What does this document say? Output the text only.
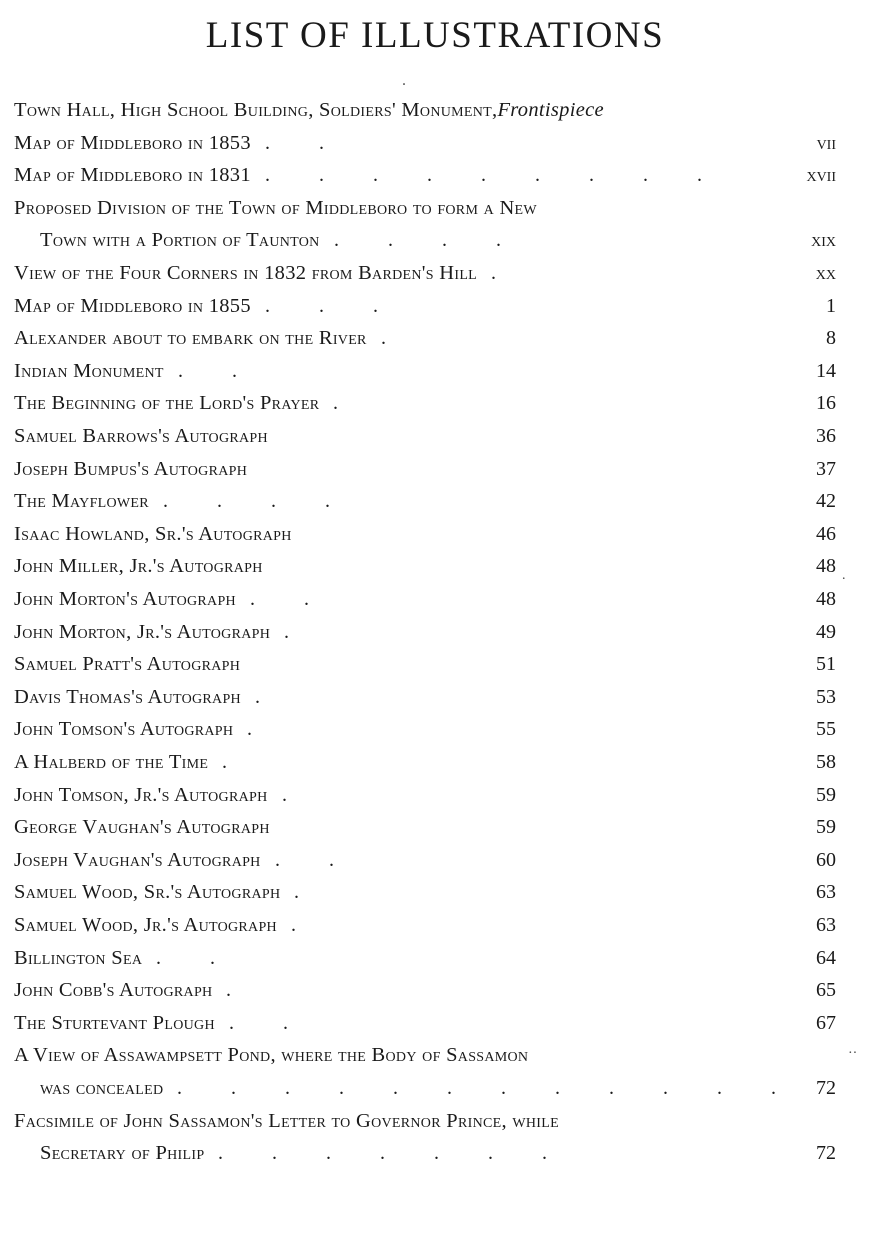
LIST OF ILLUSTRATIONS
.
Town Hall, High School Building, Soldiers' Monument,Frontispiece
Map of Middleboro in 1853 . .	vii
Map of Middleboro in 1831 . . . . . . . . .	xvii
Proposed Division of the Town of Middleboro to form a New
Town with a Portion of Taunton . . . .	xix
View of the Four Corners in 1832 from Barden's Hill .	xx
Map of Middleboro in 1855 . . .	1
Alexander about to embark on the River .	8
Indian Monument . .	14
The Beginning of the Lord's Prayer .	16
Samuel Barrows's Autograph	36
Joseph Bumpus's Autograph	37
The Mayflower . . . .	42
Isaac Howland, Sr.'s Autograph	46
John Miller, Jr.'s Autograph	48
John Morton's Autograph . .	48
John Morton, Jr.'s Autograph .	49
Samuel Pratt's Autograph	51
Davis Thomas's Autograph .	53
John Tomson's Autograph .	55
A Halberd of the Time .	58
John Tomson, Jr.'s Autograph .	59
George Vaughan's Autograph	59
Joseph Vaughan's Autograph . .	60
Samuel Wood, Sr.'s Autograph .	63
Samuel Wood, Jr.'s Autograph .	63
Billington Sea . .	64
John Cobb's Autograph .	65
The Sturtevant Plough . .	67
A View of Assawampsett Pond, where the Body of Sassamon
was concealed . . . . . . . . . . . . 72
Facsimile of John Sassamon's Letter to Governor Prince, while
Secretary of Philip . . . . . . .	72
.
··
